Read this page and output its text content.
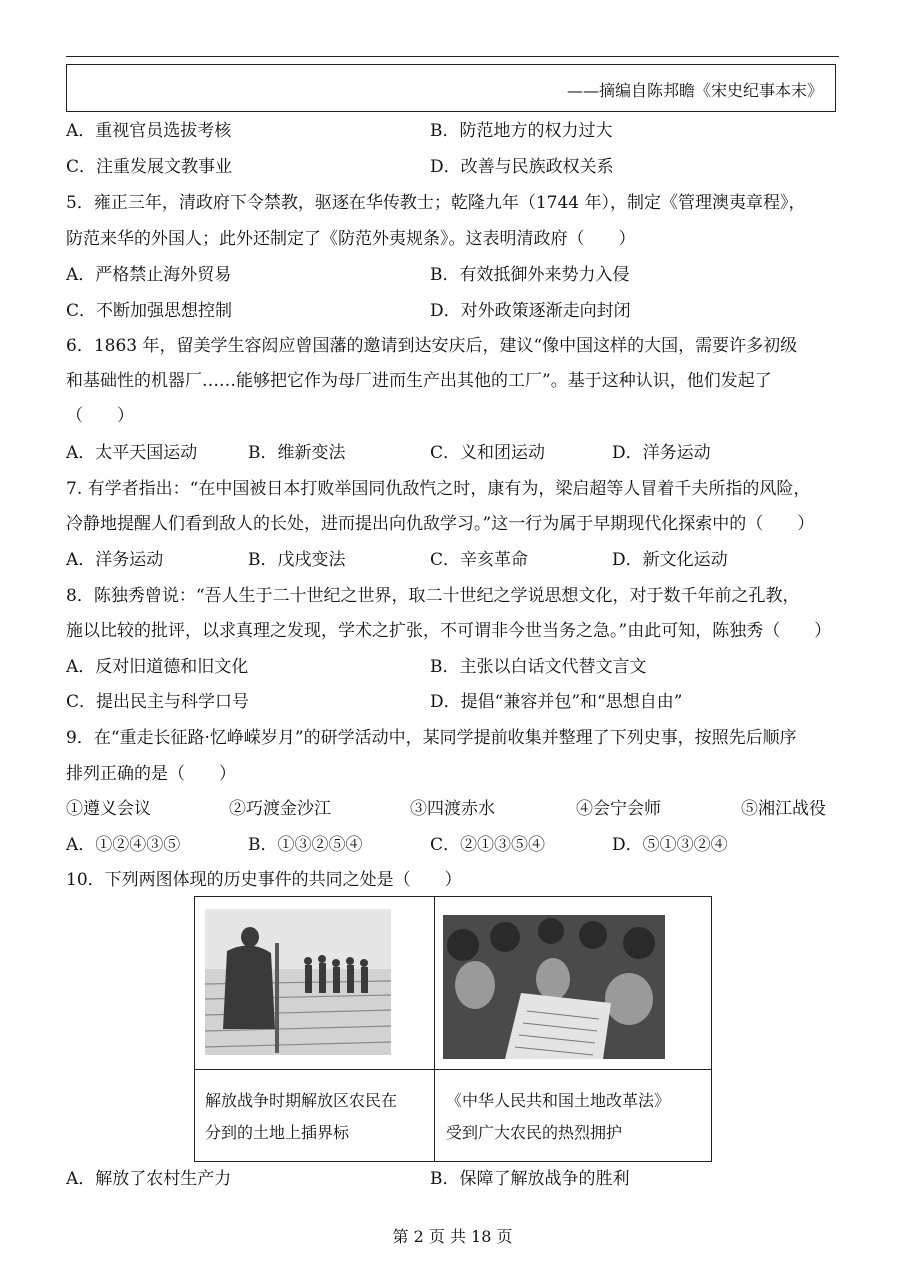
——摘编自陈邦瞻《宋史纪事本末》
A．重视官员选拔考核	B．防范地方的权力过大
C．注重发展文教事业	D．改善与民族政权关系
5．雍正三年，清政府下令禁教，驱逐在华传教士；乾隆九年（1744 年），制定《管理澳夷章程》，
防范来华的外国人；此外还制定了《防范外夷规条》。这表明清政府（　　）
A．严格禁止海外贸易	B．有效抵御外来势力入侵
C．不断加强思想控制	D．对外政策逐渐走向封闭
6．1863 年，留美学生容闳应曾国藩的邀请到达安庆后，建议“像中国这样的大国，需要许多初级
和基础性的机器厂……能够把它作为母厂进而生产出其他的工厂”。基于这种认识，他们发起了
（　　）
A．太平天国运动	B．维新变法	C．义和团运动	D．洋务运动
7. 有学者指出：“在中国被日本打败举国同仇敌忾之时，康有为，梁启超等人冒着千夫所指的风险，
冷静地提醒人们看到敌人的长处，进而提出向仇敌学习。”这一行为属于早期现代化探索中的（　　）
A．洋务运动	B．戊戌变法	C．辛亥革命	D．新文化运动
8．陈独秀曾说：“吾人生于二十世纪之世界，取二十世纪之学说思想文化，对于数千年前之孔教，
施以比较的批评，以求真理之发现，学术之扩张，不可谓非今世当务之急。”由此可知，陈独秀（　　）
A．反对旧道德和旧文化	B．主张以白话文代替文言文
C．提出民主与科学口号	D．提倡“兼容并包”和“思想自由”
9．在“重走长征路·忆峥嵘岁月”的研学活动中，某同学提前收集并整理了下列史事，按照先后顺序
排列正确的是（　　）
①遵义会议	②巧渡金沙江	③四渡赤水	④会宁会师	⑤湘江战役
A．①②④③⑤	B．①③②⑤④	C．②①③⑤④	D．⑤①③②④
10．下列两图体现的历史事件的共同之处是（　　）
解放战争时期解放区农民在
分到的土地上插界标
《中华人民共和国土地改革法》
受到广大农民的热烈拥护
A．解放了农村生产力	B．保障了解放战争的胜利
第 2 页 共 18 页
